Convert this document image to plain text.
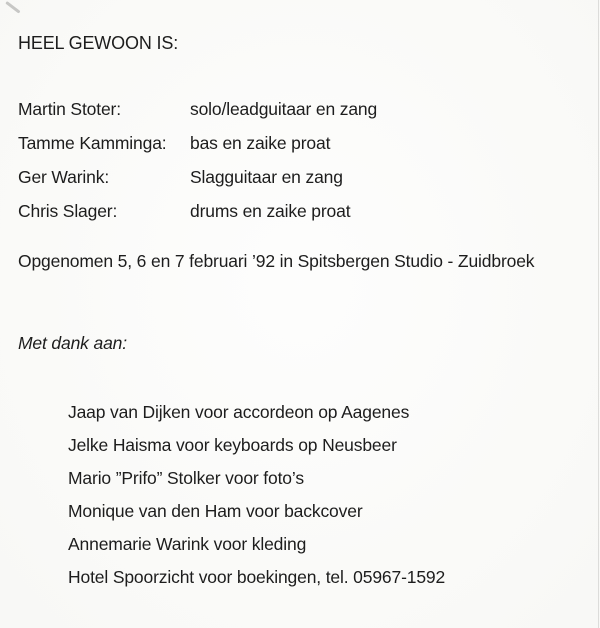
HEEL GEWOON IS:
Martin Stoter:	solo/leadguitaar en zang
Tamme Kamminga:	bas en zaike proat
Ger Warink:	Slagguitaar en zang
Chris Slager:	drums en zaike proat

Opgenomen 5, 6 en 7 februari ’92 in Spitsbergen Studio - Zuidbroek

Met dank aan:

Jaap van Dijken voor accordeon op Aagenes
Jelke Haisma voor keyboards op Neusbeer
Mario ”Prifo” Stolker voor foto’s
Monique van den Ham voor backcover
Annemarie Warink voor kleding
Hotel Spoorzicht voor boekingen, tel. 05967-1592
